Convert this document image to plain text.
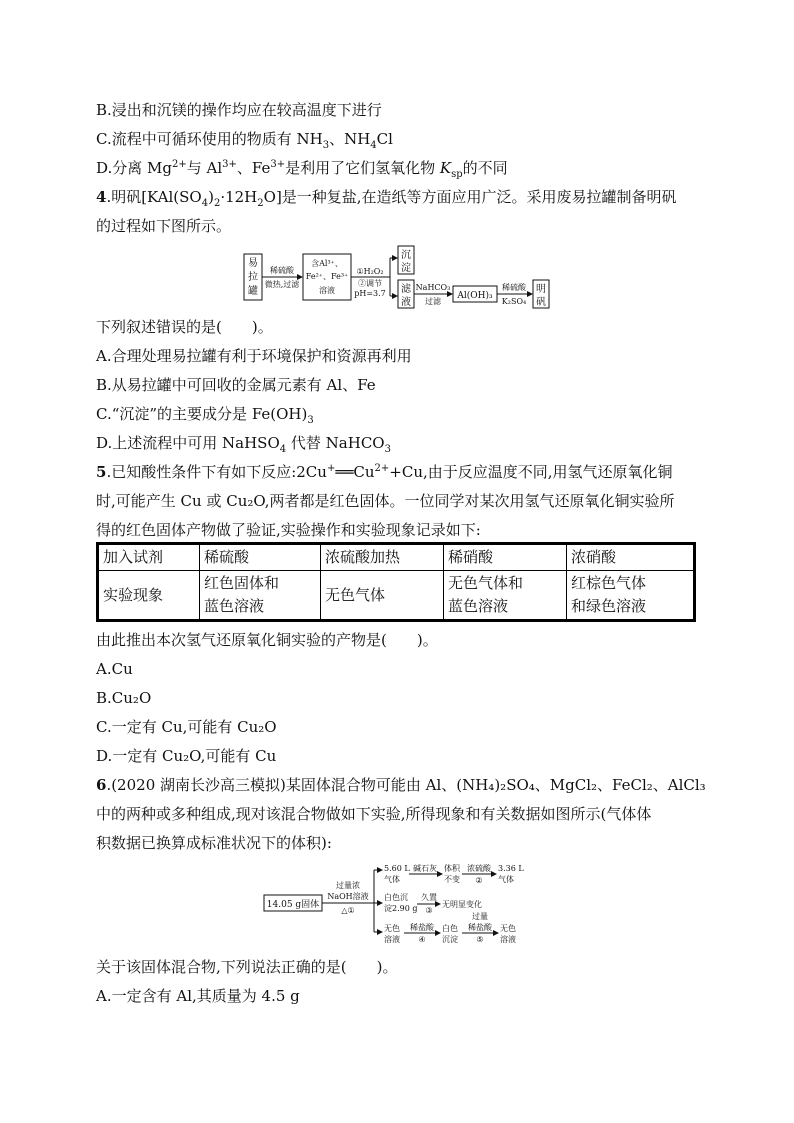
B.浸出和沉镁的操作均应在较高温度下进行
C.流程中可循环使用的物质有 $NH_3$、$NH_4Cl$
D.分离 $Mg^{2+}$与 $Al^{3+}$、$Fe^{3+}$是利用了它们氢氧化物 $K_{sp}$的不同
4.明矾$[KAl(SO_4)_2\cdot 12H_2O]$是一种复盐,在造纸等方面应用广泛。采用废易拉罐制备明矾
的过程如下图所示。
易
拉
罐
稀硫酸
微热,过滤
含Al³⁺、
Fe²⁺、Fe³⁺
溶液
①H₂O₂
②调节
pH=3.7
沉
淀
滤
液
NaHCO₃
过滤
Al(OH)₃
稀硫酸
K₂SO₄
明
矾
下列叙述错误的是(　　)。
A.合理处理易拉罐有利于环境保护和资源再利用
B.从易拉罐中可回收的金属元素有 Al、Fe
C.“沉淀”的主要成分是 $Fe(OH)_3$
D.上述流程中可用 NaHSO$_4$ 代替 NaHCO$_3$
5.已知酸性条件下有如下反应$:2Cu^+══Cu^{2+}+Cu$,由于反应温度不同,用氢气还原氧化铜
时,可能产生 Cu 或 Cu₂O,两者都是红色固体。一位同学对某次用氢气还原氧化铜实验所
得的红色固体产物做了验证,实验操作和实验现象记录如下:
加入试剂	稀硫酸	浓硫酸加热	稀硝酸	浓硝酸
实验现象	红色固体和
蓝色溶液	无色气体	无色气体和
蓝色溶液	红棕色气体
和绿色溶液
由此推出本次氢气还原氧化铜实验的产物是(　　)。
A.Cu
B.Cu₂O
C.一定有 Cu,可能有 Cu₂O
D.一定有 Cu₂O,可能有 Cu
6.(2020 湖南长沙高三模拟)某固体混合物可能由 Al、(NH₄)₂SO₄、MgCl₂、FeCl₂、AlCl₃
中的两种或多种组成,现对该混合物做如下实验,所得现象和有关数据如图所示(气体体
积数据已换算成标准状况下的体积):
14.05 g固体
过量浓
NaOH溶液
△①
5.60 L
气体
碱石灰 体积
不变
浓硫酸
②
3.36 L
气体
白色沉
淀2.90 g
久置
③
无明显变化
无色
溶液
稀盐酸
④
白色
沉淀
过量
稀盐酸
⑤
无色
溶液
关于该固体混合物,下列说法正确的是(　　)。
A.一定含有 Al,其质量为 4.5 g
